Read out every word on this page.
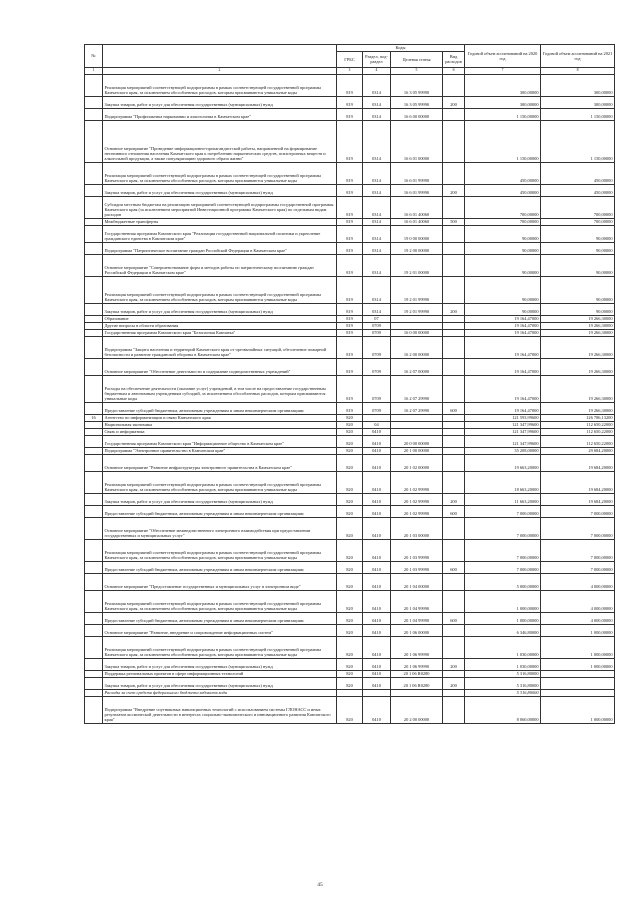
№		Коды				Годовой объем ассигнований на 2020 год	Годовой объем ассигнований на 2021 год
		ГРБС	Раздел, под-раздел	Целевая статья	Вид расходов		
1	2	3	4	5	6	7	8
	Реализация мероприятий соответствующей подпрограммы в рамках соответствующей государственной программы Камчатского края, за исключением обособленных расходов, которым присваиваются уникальные коды	819	0314	16 3 05 99990		300,00000	300,00000
	Закупка товаров, работ и услуг для обеспечения государственных (муниципальных) нужд	819	0314	16 3 05 99990	200	300,00000	300,00000
	Подпрограмма "Профилактика наркомании и алкоголизма в Камчатском крае"	819	0314	16 6 00 00000		1 150,00000	1 150,00000
	Основное мероприятие "Проведение информационно-пропагандистской работы, направленной на формирование негативного отношения населения Камчатского края к потреблению наркотических средств, психотропных веществ и алкогольной продукции, а также популяризацию здорового образа жизни"	819	0314	16 6 01 00000		1 150,00000	1 150,00000
	Реализация мероприятий соответствующей подпрограммы в рамках соответствующей государственной программы Камчатского края, за исключением обособленных расходов, которым присваиваются уникальные коды	819	0314	16 6 01 99990		450,00000	450,00000
	Закупка товаров, работ и услуг для обеспечения государственных (муниципальных) нужд	819	0314	16 6 01 99990	200	450,00000	450,00000
	Субсидии местным бюджетам на реализацию мероприятий соответствующей подпрограммы государственной программы Камчатского края (за исключением мероприятий Инвестиционной программы Камчатского края) по отдельным видам расходов	819	0314	16 6 01 40060		700,00000	700,00000
	Межбюджетные трансферты	819	0314	16 6 01 40060	500	700,00000	700,00000
	Государственная программа Камчатского края "Реализация государственной национальной политики и укрепление гражданского единства в Камчатском крае"	819	0314	19 0 00 00000		90,00000	90,00000
	Подпрограмма "Патриотическое воспитание граждан Российской Федерации в Камчатском крае"	819	0314	19 2 00 00000		90,00000	90,00000
	Основное мероприятие "Совершенствование форм и методов работы по патриотическому воспитанию граждан Российской Федерации в Камчатском крае"	819	0314	19 2 01 00000		90,00000	90,00000
	Реализация мероприятий соответствующей подпрограммы в рамках соответствующей государственной программы Камчатского края, за исключением обособленных расходов, которым присваиваются уникальные коды	819	0314	19 2 01 99990		90,00000	90,00000
	Закупка товаров, работ и услуг для обеспечения государственных (муниципальных) нужд	819	0314	19 2 01 99990	200	90,00000	90,00000
	Образование	819	07			19 164,47000	19 266,30000
	Другие вопросы в области образования	819	0709			19 164,47000	19 266,30000
	Государственная программа Камчатского края "Безопасная Камчатка"	819	0709	16 0 00 00000		19 164,47000	19 266,30000
	Подпрограмма "Защита населения и территорий Камчатского края от чрезвычайных ситуаций, обеспечение пожарной безопасности и развитие гражданской обороны в Камчатском крае"	819	0709	16 2 00 00000		19 164,47000	19 266,30000
	Основное мероприятие "Обеспечение деятельности и содержание подведомственных учреждений"	819	0709	16 2 07 00000		19 164,47000	19 266,30000
	Расходы на обеспечение деятельности (оказание услуг) учреждений, в том числе на предоставление государственным бюджетным и автономным учреждениям субсидий, за исключением обособленных расходов, которым присваиваются уникальные коды	819	0709	16 2 07 29990		19 164,47000	19 266,30000
	Предоставление субсидий бюджетным, автономным учреждениям и иным некоммерческим организациям	819	0709	16 2 07 29990	600	19 164,47000	19 266,30000
16	Агентство по информатизации и связи Камчатского края	820				121 593,99600	126 786,13200
	Национальная экономика	820	04			121 347,99600	112 650,22000
	Связь и информатика	820	0410			121 347,99600	112 650,22000
	Государственная программа Камчатского края "Информационное общество в Камчатском крае"	820	0410	20 0 00 00000		121 347,99600	112 650,22000
	Подпрограмма "Электронное правительство в Камчатском крае"	820	0410	20 1 00 00000		35 208,00000	29 684,20000
	Основное мероприятие "Развитие инфраструктуры электронного правительства в Камчатском крае"	820	0410	20 1 02 00000		19 663,20000	19 684,20000
	Реализация мероприятий соответствующей подпрограммы в рамках соответствующей государственной программы Камчатского края, за исключением обособленных расходов, которым присваиваются уникальные коды	820	0410	20 1 02 99990		18 663,20000	19 684,20000
	Закупка товаров, работ и услуг для обеспечения государственных (муниципальных) нужд	820	0410	20 1 02 99990	200	11 663,20000	19 684,20000
	Предоставление субсидий бюджетным, автономным учреждениям и иным некоммерческим организациям	820	0410	20 1 02 99990	600	7 000,00000	7 000,00000
	Основное мероприятие "Обеспечение межведомственного электронного взаимодействия при предоставлении государственных и муниципальных услуг"	820	0410	20 1 03 00000		7 000,00000	7 000,00000
	Реализация мероприятий соответствующей подпрограммы в рамках соответствующей государственной программы Камчатского края, за исключением обособленных расходов, которым присваиваются уникальные коды	820	0410	20 1 03 99990		7 000,00000	7 000,00000
	Предоставление субсидий бюджетным, автономным учреждениям и иным некоммерческим организациям	820	0410	20 1 03 99990	600	7 000,00000	7 000,00000
	Основное мероприятие "Предоставление государственных и муниципальных услуг в электронном виде"	820	0410	20 1 04 00000		5 000,00000	4 000,00000
	Реализация мероприятий соответствующей подпрограммы в рамках соответствующей государственной программы Камчатского края, за исключением обособленных расходов, которым присваиваются уникальные коды	820	0410	20 1 04 99990		1 000,00000	4 000,00000
	Предоставление субсидий бюджетным, автономным учреждениям и иным некоммерческим организациям	820	0410	20 1 04 99990	600	1 000,00000	4 000,00000
	Основное мероприятие "Развитие, внедрение и сопровождение информационных систем"	820	0410	20 1 06 00000		6 346,80000	1 000,00000
	Реализация мероприятий соответствующей подпрограммы в рамках соответствующей государственной программы Камчатского края, за исключением обособленных расходов, которым присваиваются уникальные коды	820	0410	20 1 06 99990		1 030,00000	1 000,00000
	Закупка товаров, работ и услуг для обеспечения государственных (муниципальных) нужд	820	0410	20 1 06 99990	200	1 030,00000	1 000,00000
	Поддержка региональных проектов в сфере информационных технологий	820	0410	20 1 06 R0280		5 316,80000	
	Закупка товаров, работ и услуг для обеспечения государственных (муниципальных) нужд	820	0410	20 1 06 R0280	200	5 316,80000	
	Расходы за счет средств федерального бюджета ведомств кода					5 316,80000	
	Подпрограмма "Внедрение спутниковых навигационных технологий с использованием системы ГЛОНАСС и иных результатов космической деятельности в интересах социально-экономического и инновационного развития Камчатского края"	820	0410	20 2 00 00000		8 060,00000	1 000,00000
45
